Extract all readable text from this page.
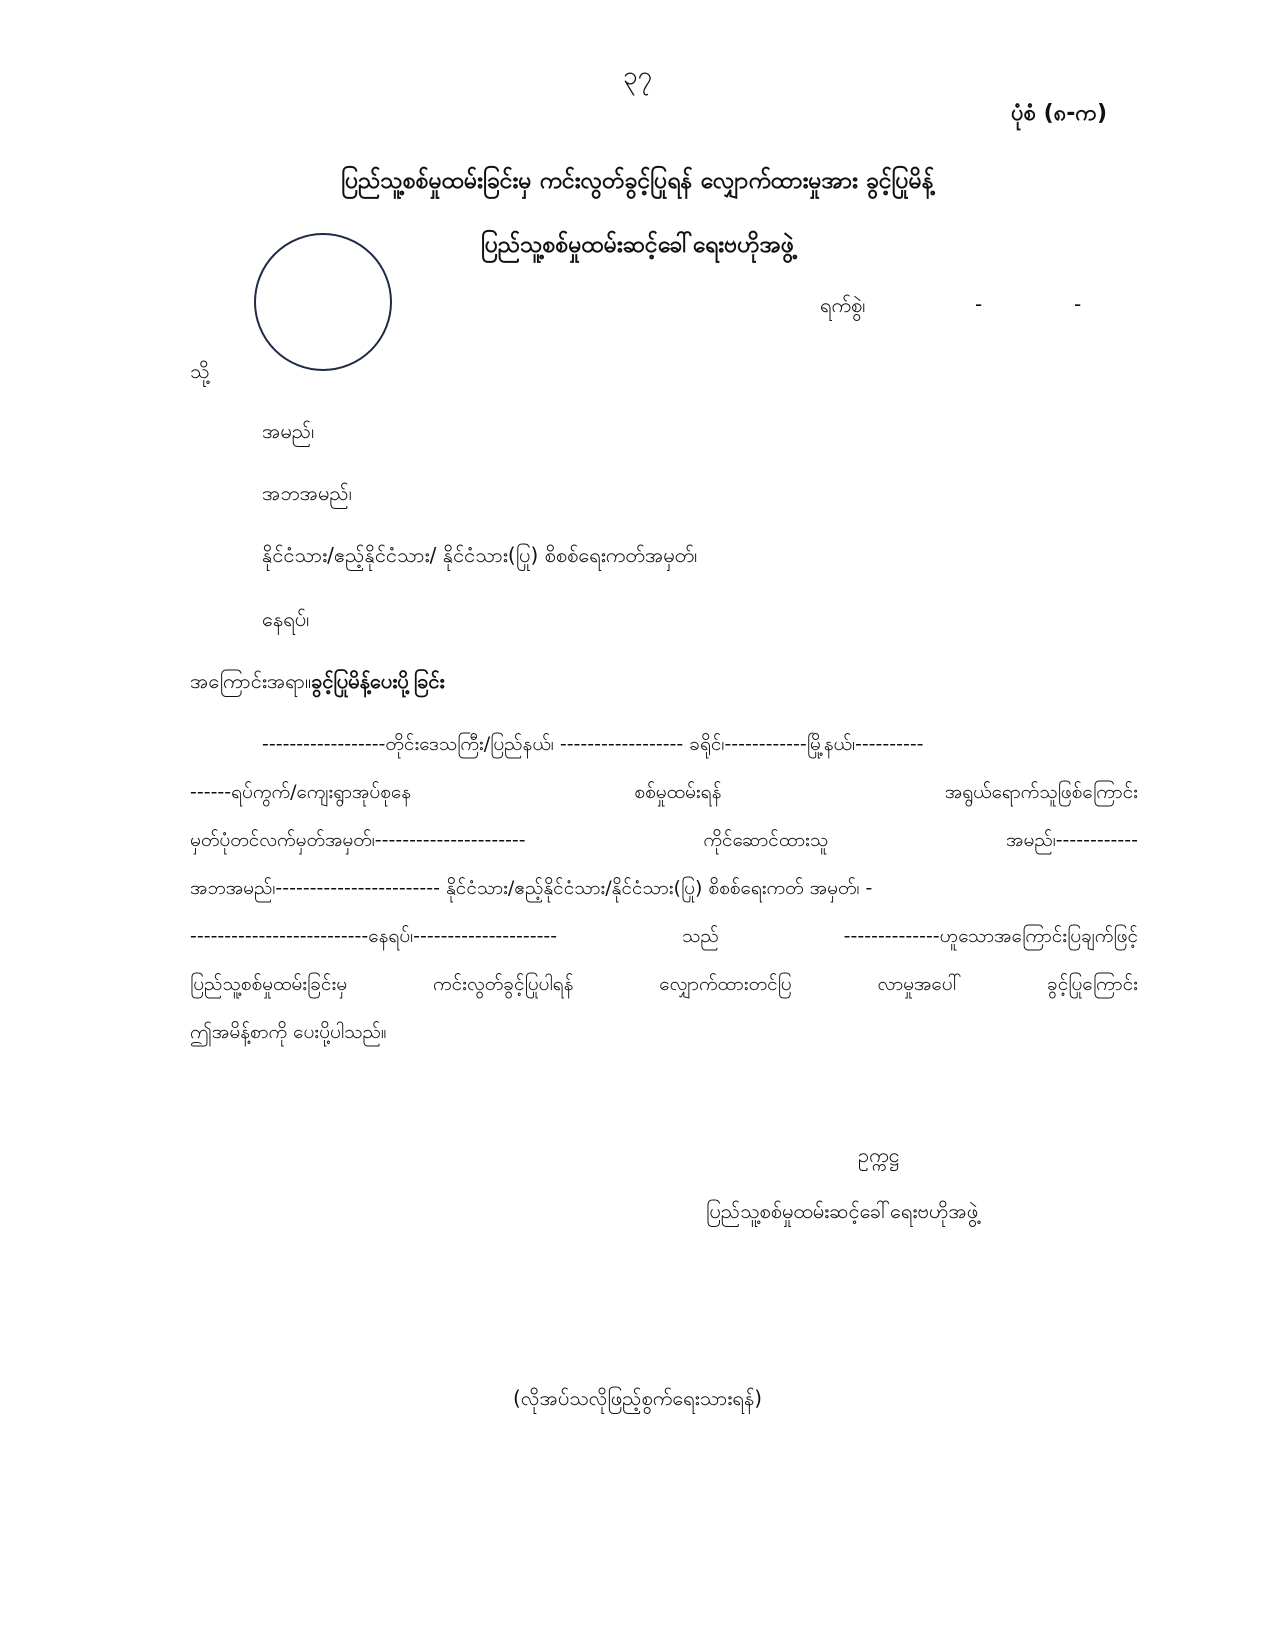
၃၇
ပုံစံ (၈-က)
ပြည်သူ့စစ်မှုထမ်းခြင်းမှ ကင်းလွတ်ခွင့်ပြုရန် လျှောက်ထားမှုအား ခွင့်ပြုမိန့်
ပြည်သူ့စစ်မှုထမ်းဆင့်ခေါ်ရေးဗဟိုအဖွဲ့
ရက်စွဲ၊	-	-
သို့
အမည်၊
အဘအမည်၊
နိုင်ငံသား/ဧည့်နိုင်ငံသား/ နိုင်ငံသား(ပြု) စိစစ်ရေးကတ်အမှတ်၊
နေရပ်၊
အကြောင်းအရာ။ခွင့်ပြုမိန့်ပေးပို့ခြင်း
------------------တိုင်းဒေသကြီး/ပြည်နယ်၊ ------------------ ခရိုင်၊------------မြို့နယ်၊----------
------ရပ်ကွက်/ကျေးရွာအုပ်စုနေ	စစ်မှုထမ်းရန်	အရွယ်ရောက်သူဖြစ်ကြောင်း
မှတ်ပုံတင်လက်မှတ်အမှတ်၊----------------------	ကိုင်ဆောင်ထားသူ	အမည်၊------------
အဘအမည်၊------------------------ နိုင်ငံသား/ဧည့်နိုင်ငံသား/နိုင်ငံသား(ပြု) စိစစ်ရေးကတ် အမှတ်၊ -
--------------------------နေရပ်၊---------------------	သည်	--------------ဟူသောအကြောင်းပြချက်ဖြင့်
ပြည်သူ့စစ်မှုထမ်းခြင်းမှ	ကင်းလွတ်ခွင့်ပြုပါရန်	လျှောက်ထားတင်ပြ	လာမှုအပေါ်	ခွင့်ပြုကြောင်း
ဤအမိန့်စာကို ပေးပို့ပါသည်။
ဥက္ကဋ္ဌ
ပြည်သူ့စစ်မှုထမ်းဆင့်ခေါ်ရေးဗဟိုအဖွဲ့
(လိုအပ်သလိုဖြည့်စွက်ရေးသားရန်)
